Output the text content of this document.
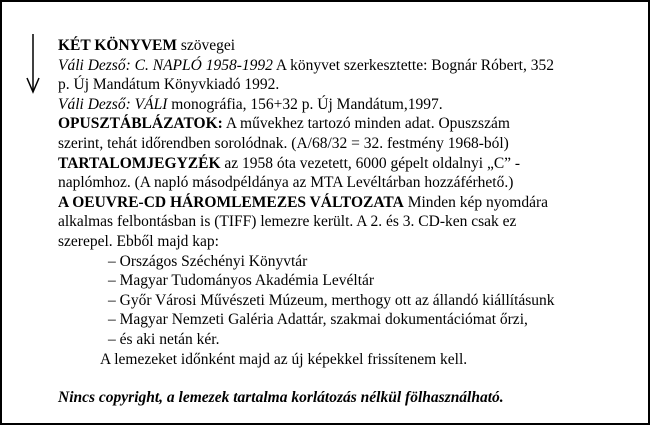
KÉT KÖNYVEM szövegei
Váli Dezső: C. NAPLÓ 1958-1992 A könyvet szerkesztette: Bognár Róbert, 352
p. Új Mandátum Könyvkiadó 1992.
Váli Dezső: VÁLI monográfia, 156+32 p. Új Mandátum,1997.
OPUSZTÁBLÁZATOK: A művekhez tartozó minden adat. Opuszszám
szerint, tehát időrendben sorolódnak. (A/68/32 = 32. festmény 1968-ból)
TARTALOMJEGYZÉK az 1958 óta vezetett, 6000 gépelt oldalnyi „C” -
naplómhoz. (A napló másodpéldánya az MTA Levéltárban hozzáférhető.)
A OEUVRE-CD HÁROMLEMEZES VÁLTOZATA Minden kép nyomdára
alkalmas felbontásban is (TIFF) lemezre került. A 2. és 3. CD-ken csak ez
szerepel. Ebből majd kap:
– Országos Széchényi Könyvtár
– Magyar Tudományos Akadémia Levéltár
– Győr Városi Művészeti Múzeum, merthogy ott az állandó kiállításunk
– Magyar Nemzeti Galéria Adattár, szakmai dokumentációmat őrzi,
– és aki netán kér.
A lemezeket időnként majd az új képekkel frissítenem kell.
Nincs copyright, a lemezek tartalma korlátozás nélkül fölhasználható.
